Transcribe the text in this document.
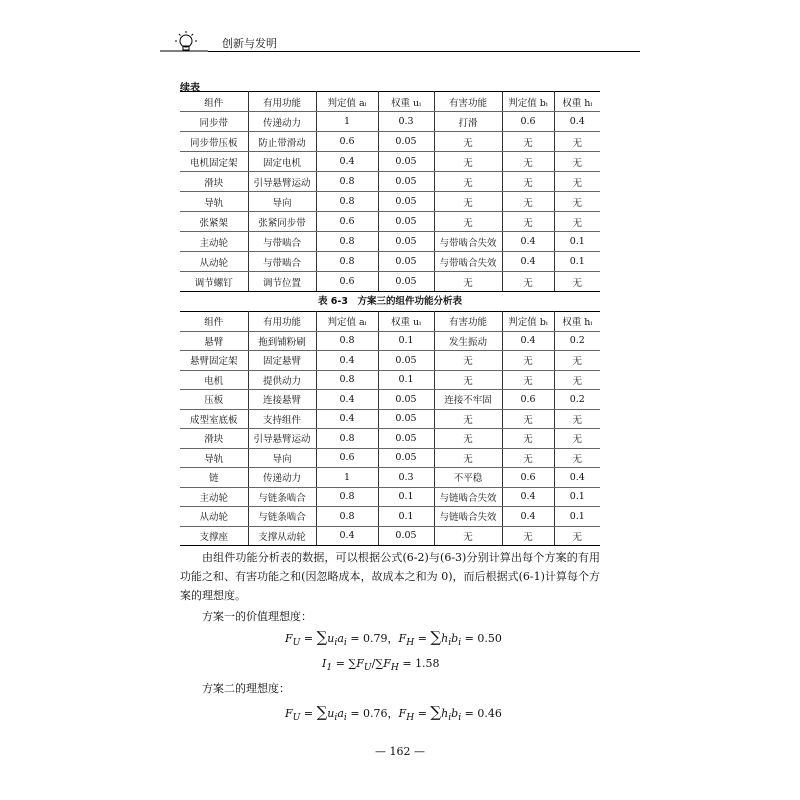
创新与发明
续表
组件	有用功能	判定值 aᵢ	权重 uᵢ	有害功能	判定值 bᵢ	权重 hᵢ
同步带	传递动力	1	0.3	打滑	0.6	0.4
同步带压板	防止带滑动	0.6	0.05	无	无	无
电机固定架	固定电机	0.4	0.05	无	无	无
滑块	引导悬臂运动	0.8	0.05	无	无	无
导轨	导向	0.8	0.05	无	无	无
张紧架	张紧同步带	0.6	0.05	无	无	无
主动轮	与带啮合	0.8	0.05	与带啮合失效	0.4	0.1
从动轮	与带啮合	0.8	0.05	与带啮合失效	0.4	0.1
调节螺钉	调节位置	0.6	0.05	无	无	无
表 6-3　方案三的组件功能分析表
组件	有用功能	判定值 aᵢ	权重 uᵢ	有害功能	判定值 bᵢ	权重 hᵢ
悬臂	拖到铺粉刷	0.8	0.1	发生振动	0.4	0.2
悬臂固定架	固定悬臂	0.4	0.05	无	无	无
电机	提供动力	0.8	0.1	无	无	无
压板	连接悬臂	0.4	0.05	连接不牢固	0.6	0.2
成型室底板	支持组件	0.4	0.05	无	无	无
滑块	引导悬臂运动	0.8	0.05	无	无	无
导轨	导向	0.6	0.05	无	无	无
链	传递动力	1	0.3	不平稳	0.6	0.4
主动轮	与链条啮合	0.8	0.1	与链啮合失效	0.4	0.1
从动轮	与链条啮合	0.8	0.1	与链啮合失效	0.4	0.1
支撑座	支撑从动轮	0.4	0.05	无	无	无
由组件功能分析表的数据，可以根据公式(6-2)与(6-3)分别计算出每个方案的有用功能之和、有害功能之和(因忽略成本，故成本之和为 0)，而后根据式(6-1)计算每个方案的理想度。
方案一的价值理想度：
$F_U = \sum u_ia_i = 0.79$，$F_H = \sum h_ib_i = 0.50$
$I_1 = \sum F_U/\sum F_H = 1.58$
方案二的理想度：
$F_U = \sum u_ia_i = 0.76$，$F_H = \sum h_ib_i = 0.46$
— 162 —
